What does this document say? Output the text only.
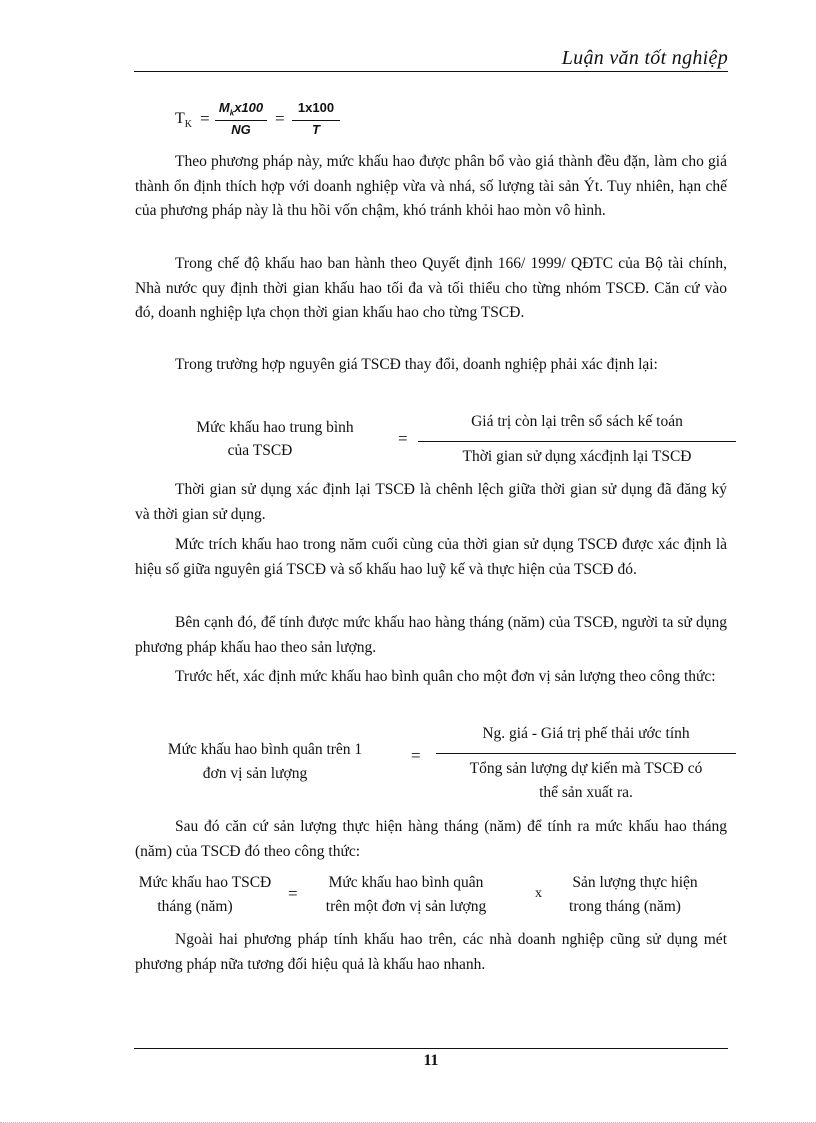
Luận văn tốt nghiệp
$T_K$ =
$M_kx100$
NG
=
1x100
T
Theo phương pháp này, mức khấu hao được phân bổ vào giá thành đều đặn, làm cho giá thành ổn định thích hợp với doanh nghiệp vừa và nhá, số lượng tài sản Ýt. Tuy nhiên, hạn chế của phương pháp này là thu hồi vốn chậm, khó tránh khỏi hao mòn vô hình.
Trong chế độ khấu hao ban hành theo Quyết định 166/ 1999/ QĐTC của Bộ tài chính, Nhà nước quy định thời gian khấu hao tối đa và tối thiểu cho từng nhóm TSCĐ. Căn cứ vào đó, doanh nghiệp lựa chọn thời gian khấu hao cho từng TSCĐ.
Trong trường hợp nguyên giá TSCĐ thay đổi, doanh nghiệp phải xác định lại:
Mức khấu hao trung bình
của TSCĐ
=
Giá trị còn lại trên sổ sách kế toán
Thời gian sử dụng xácđịnh lại TSCĐ
Thời gian sử dụng xác định lại TSCĐ là chênh lệch giữa thời gian sử dụng đã đăng ký và thời gian sử dụng.
Mức trích khấu hao trong năm cuối cùng của thời gian sử dụng TSCĐ được xác định là hiệu số giữa nguyên giá TSCĐ và số khấu hao luỹ kế và thực hiện của TSCĐ đó.
Bên cạnh đó, để tính được mức khấu hao hàng tháng (năm) của TSCĐ, người ta sử dụng phương pháp khấu hao theo sản lượng.
Trước hết, xác định mức khấu hao bình quân cho một đơn vị sản lượng theo công thức:
Mức khấu hao bình quân trên 1
đơn vị sản lượng
=
Ng. giá - Giá trị phế thải ước tính
Tổng sản lượng dự kiến mà TSCĐ có
thể sản xuất ra.
Sau đó căn cứ sản lượng thực hiện hàng tháng (năm) để tính ra mức khấu hao tháng (năm) của TSCĐ đó theo công thức:
Mức khấu hao TSCĐ
tháng (năm)
=
Mức khấu hao bình quân
trên một đơn vị sản lượng
x
Sản lượng thực hiện
trong tháng (năm)
Ngoài hai phương pháp tính khấu hao trên, các nhà doanh nghiệp cũng sử dụng mét phương pháp nữa tương đối hiệu quả là khấu hao nhanh.
11
